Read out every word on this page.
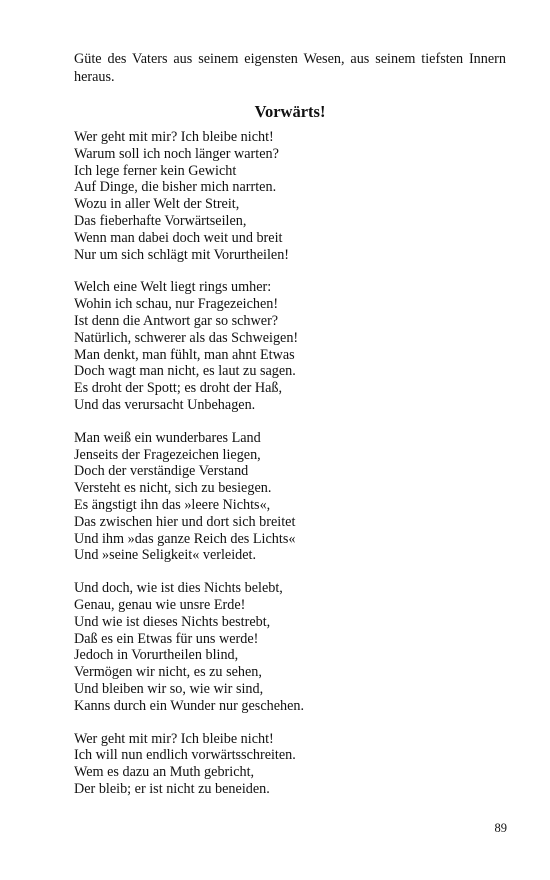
Güte des Vaters aus seinem eigensten Wesen, aus seinem tiefsten Innern heraus.

Vorwärts!
Wer geht mit mir? Ich bleibe nicht!
Warum soll ich noch länger warten?
Ich lege ferner kein Gewicht
Auf Dinge, die bisher mich narrten.
Wozu in aller Welt der Streit,
Das fieberhafte Vorwärtseilen,
Wenn man dabei doch weit und breit
Nur um sich schlägt mit Vorurtheilen!
Welch eine Welt liegt rings umher:
Wohin ich schau, nur Fragezeichen!
Ist denn die Antwort gar so schwer?
Natürlich, schwerer als das Schweigen!
Man denkt, man fühlt, man ahnt Etwas
Doch wagt man nicht, es laut zu sagen.
Es droht der Spott; es droht der Haß,
Und das verursacht Unbehagen.
Man weiß ein wunderbares Land
Jenseits der Fragezeichen liegen,
Doch der verständige Verstand
Versteht es nicht, sich zu besiegen.
Es ängstigt ihn das »leere Nichts«,
Das zwischen hier und dort sich breitet
Und ihm »das ganze Reich des Lichts«
Und »seine Seligkeit« verleidet.
Und doch, wie ist dies Nichts belebt,
Genau, genau wie unsre Erde!
Und wie ist dieses Nichts bestrebt,
Daß es ein Etwas für uns werde!
Jedoch in Vorurtheilen blind,
Vermögen wir nicht, es zu sehen,
Und bleiben wir so, wie wir sind,
Kanns durch ein Wunder nur geschehen.
Wer geht mit mir? Ich bleibe nicht!
Ich will nun endlich vorwärtsschreiten.
Wem es dazu an Muth gebricht,
Der bleib; er ist nicht zu beneiden.
89
